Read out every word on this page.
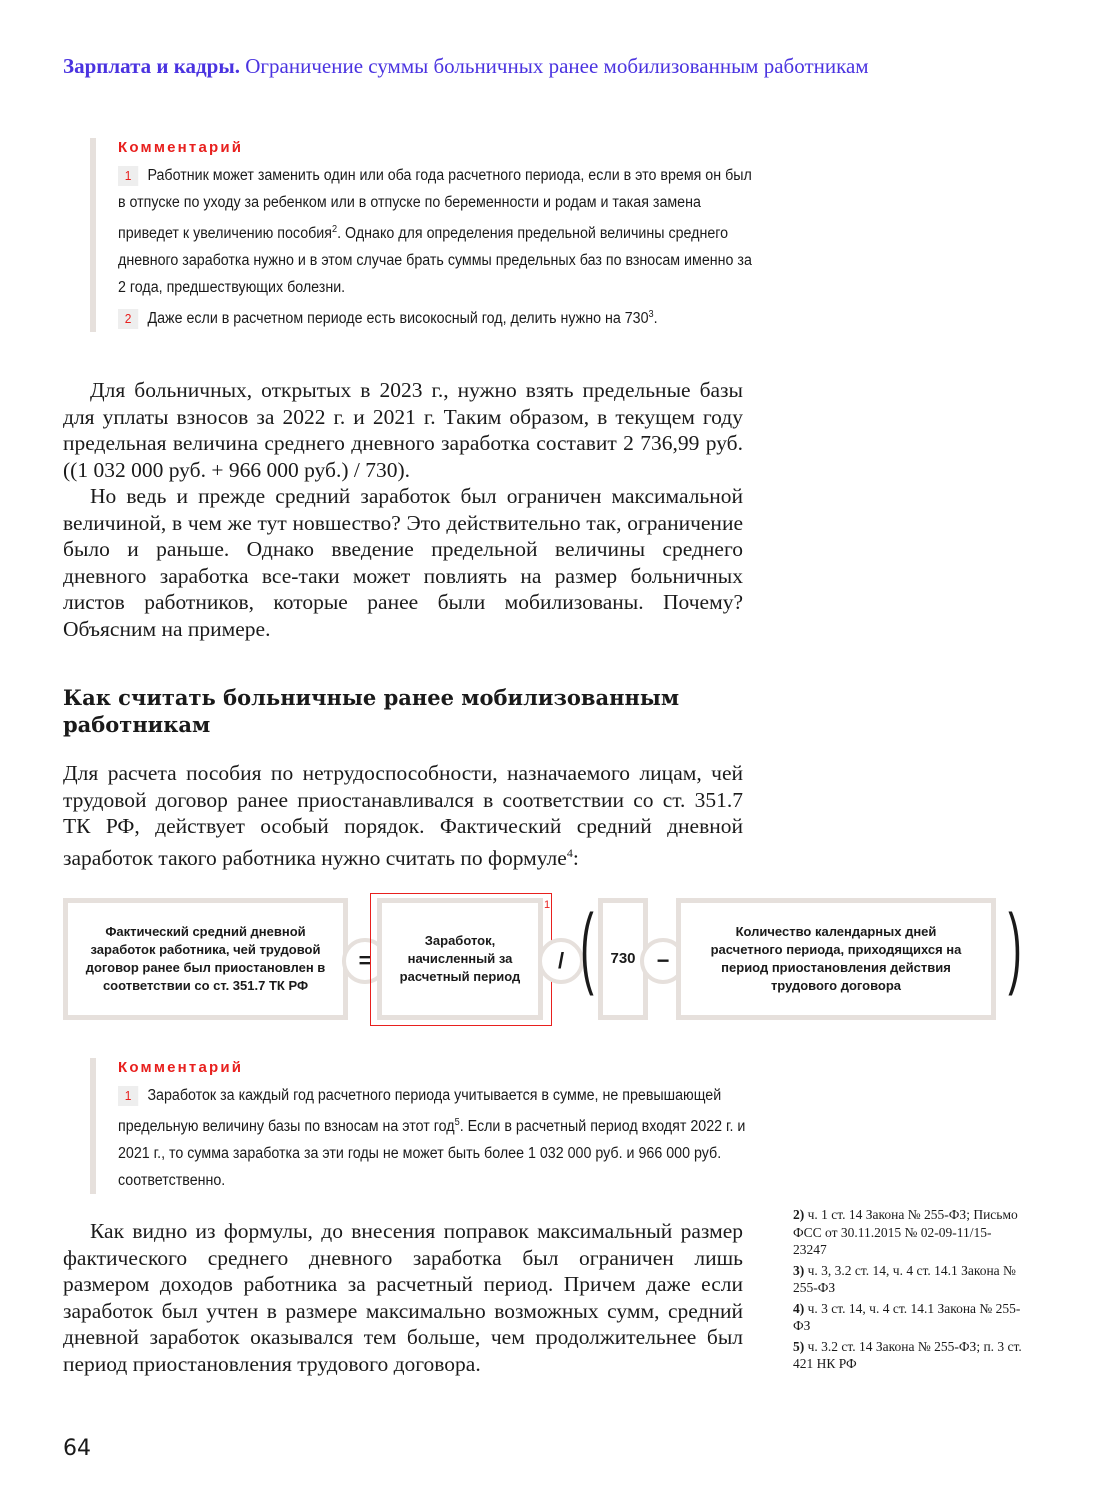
Зарплата и кадры. Ограничение суммы больничных ранее мобилизованным работникам
Комментарий
1 Работник может заменить один или оба года расчетного периода, если в это время он был в отпуске по уходу за ребенком или в отпуске по беременности и родам и такая замена приведет к увеличению пособия$^2$. Однако для определения предельной величины среднего дневного заработка нужно и в этом случае брать суммы предельных баз по взносам именно за 2 года, предшествующих болезни.
2 Даже если в расчетном периоде есть високосный год, делить нужно на $730^3$.

Для больничных, открытых в 2023 г., нужно взять предельные базы для уплаты взносов за 2022 г. и 2021 г. Таким образом, в текущем году предельная величина среднего дневного заработка составит 2 736,99 руб. ((1 032 000 руб. + 966 000 руб.) / 730).

Но ведь и прежде средний заработок был ограничен максимальной величиной, в чем же тут новшество? Это действительно так, ограничение было и раньше. Однако введение предельной величины среднего дневного заработка все-таки может повлиять на размер больничных листов работников, которые ранее были мобилизованы. Почему? Объясним на примере.

Как считать больничные ранее мобилизованным работникам

Для расчета пособия по нетрудоспособности, назначаемого лицам, чей трудовой договор ранее приостанавливался в соответствии со ст. 351.7 ТК РФ, действует особый порядок. Фактический средний дневной заработок такого работника нужно считать по формуле$^4$:

Фактический средний дневной заработок работника, чей трудовой договор ранее был приостановлен в соответствии со ст. 351.7 ТК РФ
=
1
Заработок, начисленный за расчетный период
/ ( 730 −
Количество календарных дней расчетного периода, приходящихся на период приостановления действия трудового договора	)
Комментарий
1 Заработок за каждый год расчетного периода учитывается в сумме, не превышающей предельную величину базы по взносам на этот год$^5$. Если в расчетный период входят 2022 г. и 2021 г., то сумма заработка за эти годы не может быть более 1 032 000 руб. и 966 000 руб. соответственно.

Как видно из формулы, до внесения поправок максимальный размер фактического среднего дневного заработка был ограничен лишь размером доходов работника за расчетный период. Причем даже если заработок был учтен в размере максимально возможных сумм, средний дневной заработок оказывался тем больше, чем продолжительнее был период приостановления трудового договора.

2) ч. 1 ст. 14 Закона № 255-ФЗ; Письмо ФСС от 30.11.2015 № 02-09-11/15-23247
3) ч. 3, 3.2 ст. 14, ч. 4 ст. 14.1 Закона № 255-ФЗ
4) ч. 3 ст. 14, ч. 4 ст. 14.1 Закона № 255-ФЗ
5) ч. 3.2 ст. 14 Закона № 255-ФЗ; п. 3 ст. 421 НК РФ
64
